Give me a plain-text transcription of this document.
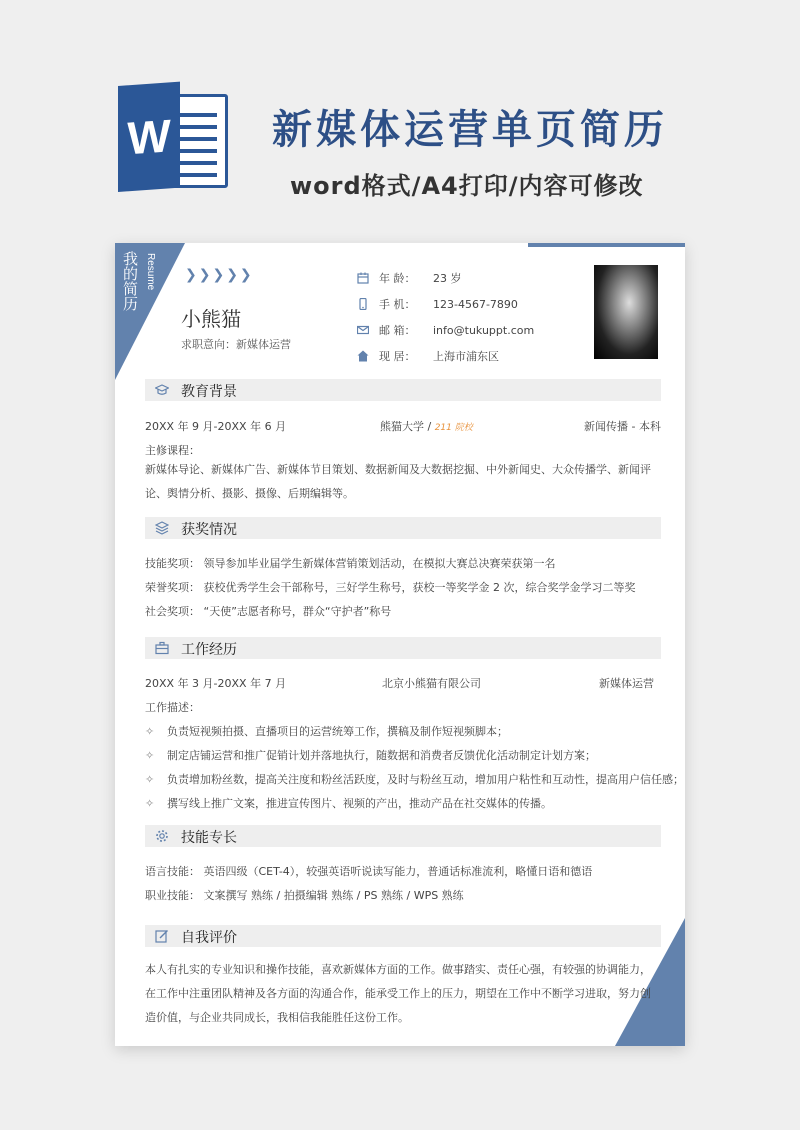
W	新媒体运营单页简历
word格式/A4打印/内容可修改
我的简历 Resume ❯❯❯❯❯
小熊猫
求职意向：新媒体运营
年 龄： 23 岁
手 机： 123-4567-7890
邮 箱： info@tukuppt.com
现 居： 上海市浦东区
教育背景
20XX 年 9 月-20XX 年 6 月	熊猫大学 / 211 院校	新闻传播 - 本科
主修课程：
新媒体导论、新媒体广告、新媒体节目策划、数据新闻及大数据挖掘、中外新闻史、大众传播学、新闻评论、舆情分析、摄影、摄像、后期编辑等。
获奖情况
技能奖项： 领导参加毕业届学生新媒体营销策划活动，在模拟大赛总决赛荣获第一名
荣誉奖项： 获校优秀学生会干部称号，三好学生称号，获校一等奖学金 2 次，综合奖学金学习二等奖
社会奖项： “天使”志愿者称号，群众“守护者”称号
工作经历
20XX 年 3 月-20XX 年 7 月	北京小熊猫有限公司	新媒体运营
工作描述：
✧ 负责短视频拍摄、直播项目的运营统筹工作，撰稿及制作短视频脚本；
✧ 制定店铺运营和推广促销计划并落地执行，随数据和消费者反馈优化活动制定计划方案；
✧ 负责增加粉丝数，提高关注度和粉丝活跃度，及时与粉丝互动，增加用户粘性和互动性，提高用户信任感；
✧ 撰写线上推广文案，推进宣传图片、视频的产出，推动产品在社交媒体的传播。
技能专长
语言技能： 英语四级（CET-4），较强英语听说读写能力，普通话标准流利，略懂日语和德语
职业技能： 文案撰写 熟练 / 拍摄编辑 熟练 / PS 熟练 / WPS 熟练
自我评价
本人有扎实的专业知识和操作技能，喜欢新媒体方面的工作。做事踏实、责任心强，有较强的协调能力，在工作中注重团队精神及各方面的沟通合作，能承受工作上的压力，期望在工作中不断学习进取，努力创造价值，与企业共同成长，我相信我能胜任这份工作。
